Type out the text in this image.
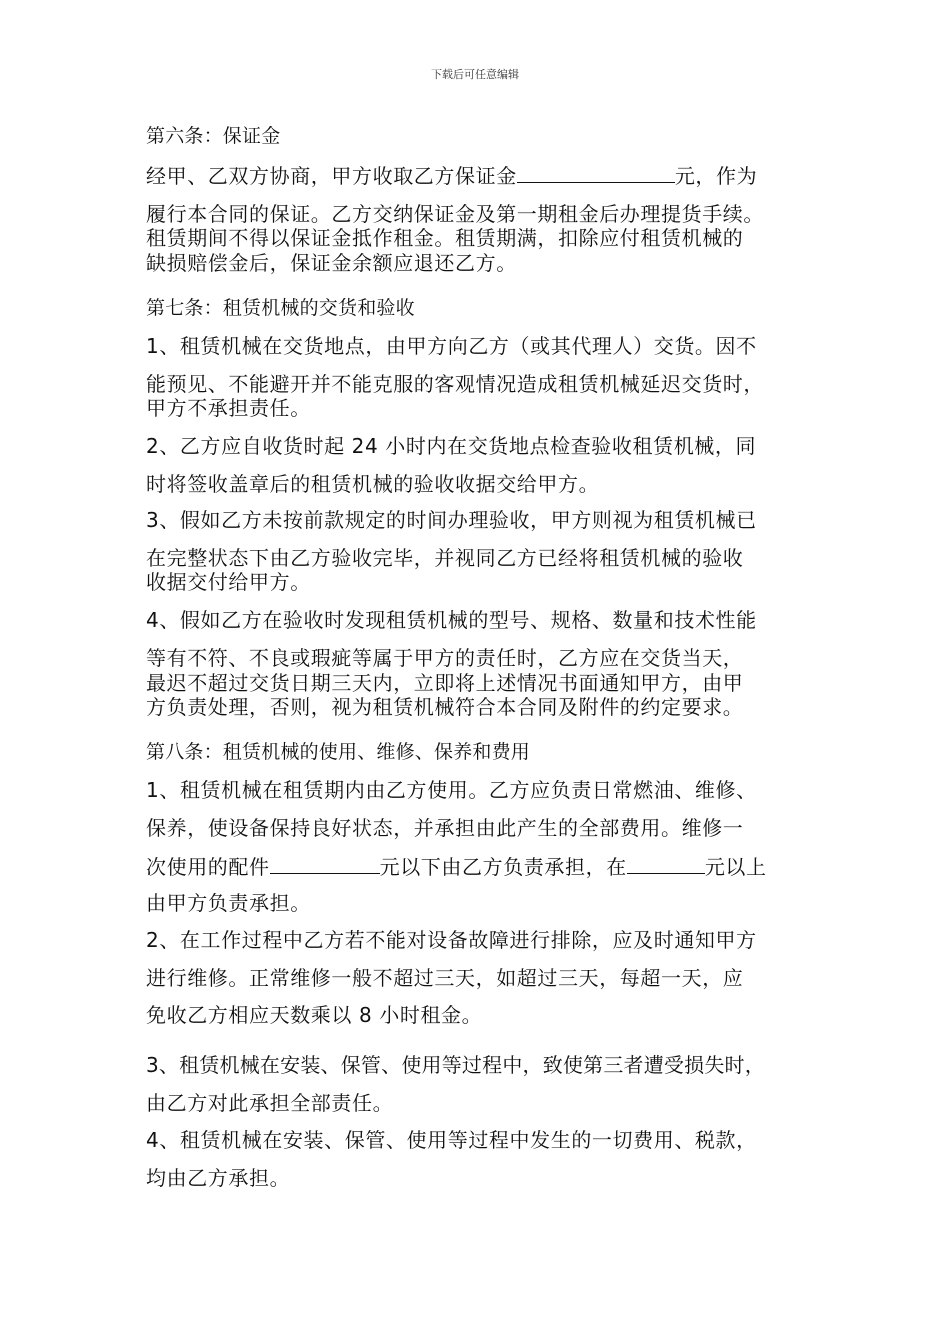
下载后可任意编辑
第六条：保证金
经甲、乙双方协商，甲方收取乙方保证金	元，作为
履行本合同的保证。乙方交纳保证金及第一期租金后办理提货手续。
租赁期间不得以保证金抵作租金。租赁期满，扣除应付租赁机械的
缺损赔偿金后，保证金余额应退还乙方。
第七条：租赁机械的交货和验收
1、租赁机械在交货地点，由甲方向乙方（或其代理人）交货。因不
能预见、不能避开并不能克服的客观情况造成租赁机械延迟交货时，
甲方不承担责任。
2、乙方应自收货时起 24 小时内在交货地点检查验收租赁机械，同
时将签收盖章后的租赁机械的验收收据交给甲方。
3、假如乙方未按前款规定的时间办理验收，甲方则视为租赁机械已
在完整状态下由乙方验收完毕，并视同乙方已经将租赁机械的验收
收据交付给甲方。
4、假如乙方在验收时发现租赁机械的型号、规格、数量和技术性能
等有不符、不良或瑕疵等属于甲方的责任时，乙方应在交货当天，
最迟不超过交货日期三天内，立即将上述情况书面通知甲方，由甲
方负责处理，否则，视为租赁机械符合本合同及附件的约定要求。
第八条：租赁机械的使用、维修、保养和费用
1、租赁机械在租赁期内由乙方使用。乙方应负责日常燃油、维修、
保养，使设备保持良好状态，并承担由此产生的全部费用。维修一
次使用的配件	元以下由乙方负责承担，在	元以上
由甲方负责承担。
2、在工作过程中乙方若不能对设备故障进行排除，应及时通知甲方
进行维修。正常维修一般不超过三天，如超过三天，每超一天，应
免收乙方相应天数乘以 8 小时租金。
3、租赁机械在安装、保管、使用等过程中，致使第三者遭受损失时，
由乙方对此承担全部责任。
4、租赁机械在安装、保管、使用等过程中发生的一切费用、税款，
均由乙方承担。
